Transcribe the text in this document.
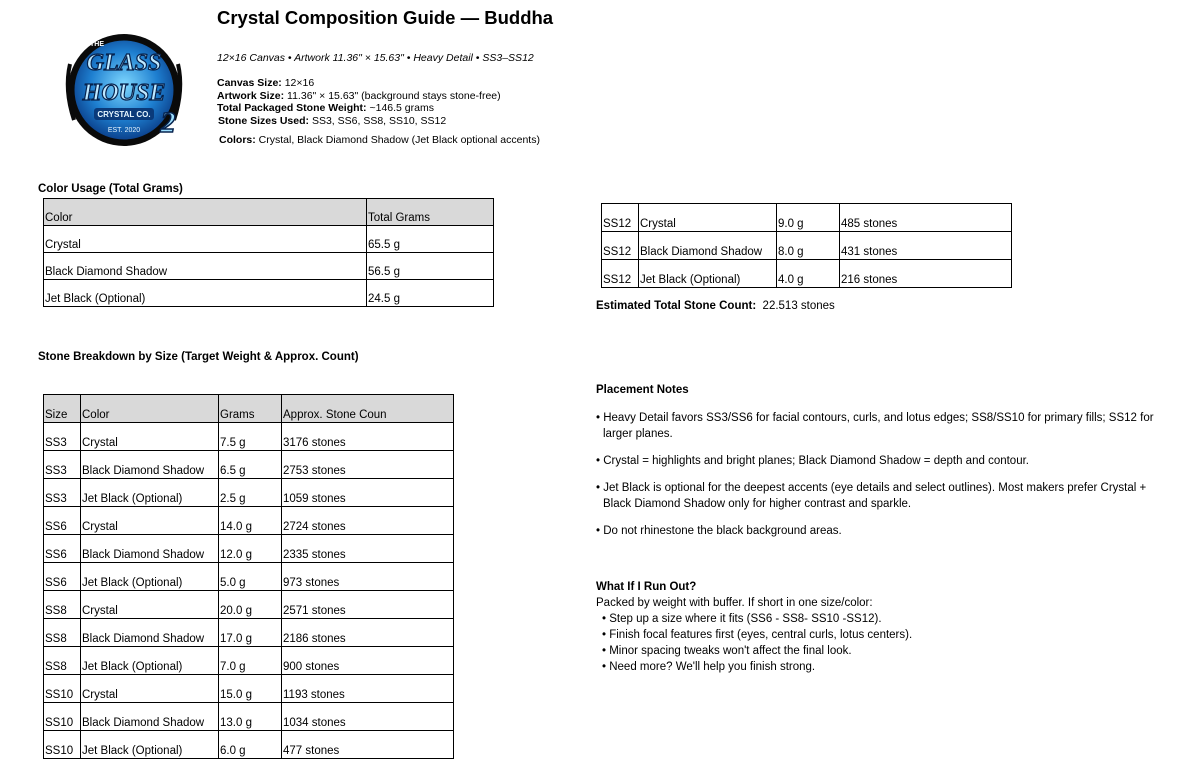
THE
GLASS
HOUSE
CRYSTAL CO.
EST. 2020 2
Crystal Composition Guide — Buddha
12×16 Canvas • Artwork 11.36" × 15.63" • Heavy Detail • SS3–SS12
Canvas Size: 12×16
Artwork Size: 11.36" × 15.63" (background stays stone-free)
Total Packaged Stone Weight: ~146.5 grams
Stone Sizes Used: SS3, SS6, SS8, SS10, SS12
Colors: Crystal, Black Diamond Shadow (Jet Black optional accents)
Color Usage (Total Grams)
Color	Total Grams
Crystal	65.5 g
Black Diamond Shadow	56.5 g
Jet Black (Optional)	24.5 g
Stone Breakdown by Size (Target Weight & Approx. Count)
Size	Color	Grams	Approx. Stone Coun
SS3	Crystal	7.5 g	3176 stones
SS3	Black Diamond Shadow	6.5 g	2753 stones
SS3	Jet Black (Optional)	2.5 g	1059 stones
SS6	Crystal	14.0 g	2724 stones
SS6	Black Diamond Shadow	12.0 g	2335 stones
SS6	Jet Black (Optional)	5.0 g	973 stones
SS8	Crystal	20.0 g	2571 stones
SS8	Black Diamond Shadow	17.0 g	2186 stones
SS8	Jet Black (Optional)	7.0 g	900 stones
SS10	Crystal	15.0 g	1193 stones
SS10	Black Diamond Shadow	13.0 g	1034 stones
SS10	Jet Black (Optional)	6.0 g	477 stones
SS12	Crystal	9.0 g	485 stones
SS12	Black Diamond Shadow	8.0 g	431 stones
SS12	Jet Black (Optional)	4.0 g	216 stones
Estimated Total Stone Count: 22.513 stones

Placement Notes

• Heavy Detail favors SS3/SS6 for facial contours, curls, and lotus edges; SS8/SS10 for primary fills; SS12 for larger planes.

• Crystal = highlights and bright planes; Black Diamond Shadow = depth and contour.

• Jet Black is optional for the deepest accents (eye details and select outlines). Most makers prefer Crystal + Black Diamond Shadow only for higher contrast and sparkle.

• Do not rhinestone the black background areas.

What If I Run Out?

Packed by weight with buffer. If short in one size/color:

• Step up a size where it fits (SS6 - SS8- SS10 -SS12).

• Finish focal features first (eyes, central curls, lotus centers).

• Minor spacing tweaks won't affect the final look.

• Need more? We'll help you finish strong.
